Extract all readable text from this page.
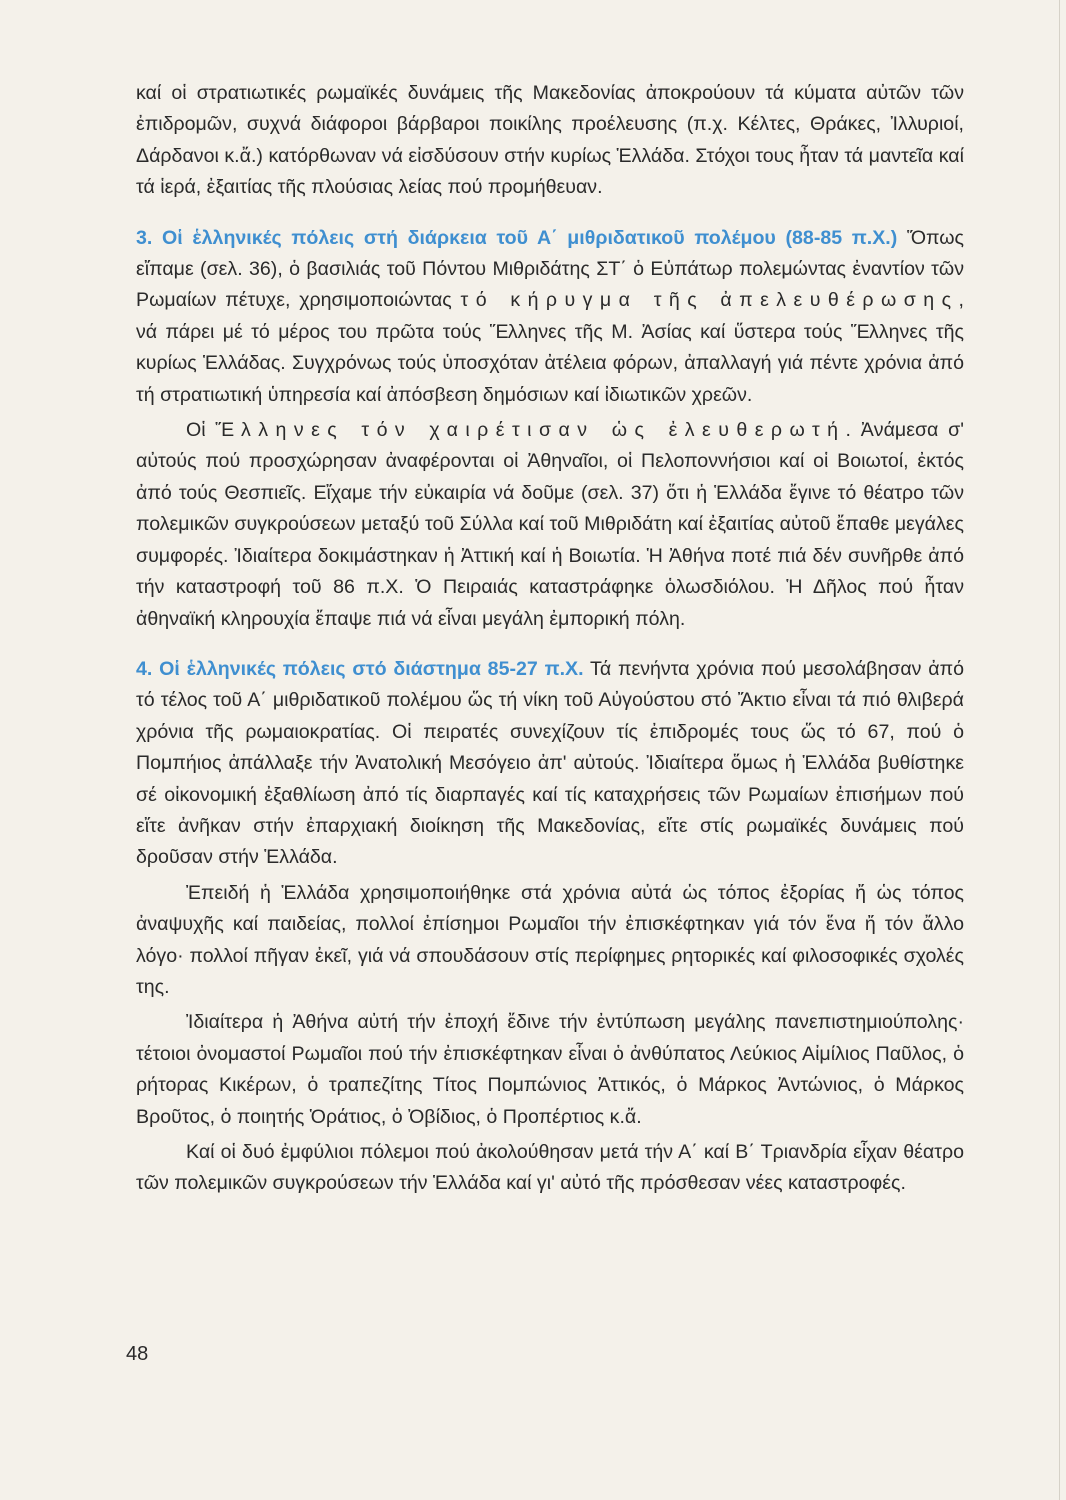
καί οἱ στρατιωτικές ρωμαϊκές δυνάμεις τῆς Μακεδονίας ἀποκρούουν τά κύματα αὐτῶν τῶν ἐπιδρομῶν, συχνά διάφοροι βάρβαροι ποικίλης προέλευσης (π.χ. Κέλτες, Θράκες, Ἰλλυριοί, Δάρδανοι κ.ἄ.) κατόρθωναν νά εἰσδύσουν στήν κυρίως Ἑλλάδα. Στόχοι τους ἦταν τά μαντεῖα καί τά ἱερά, ἐξαιτίας τῆς πλούσιας λείας πού προμήθευαν.

3. Οἱ ἑλληνικές πόλεις στή διάρκεια τοῦ Α΄ μιθριδατικοῦ πολέμου (88-85 π.Χ.) Ὅπως εἴπαμε (σελ. 36), ὁ βασιλιάς τοῦ Πόντου Μιθριδάτης ΣΤ΄ ὁ Εὐπάτωρ πολεμώντας ἐναντίον τῶν Ρωμαίων πέτυχε, χρησιμοποιώντας τό κήρυγμα τῆς ἀπελευθέρωσης, νά πάρει μέ τό μέρος του πρῶτα τούς Ἕλληνες τῆς Μ. Ἀσίας καί ὕστερα τούς Ἕλληνες τῆς κυρίως Ἑλλάδας. Συγχρόνως τούς ὑποσχόταν ἀτέλεια φόρων, ἀπαλλαγή γιά πέντε χρόνια ἀπό τή στρατιωτική ὑπηρεσία καί ἀπόσβεση δημόσιων καί ἰδιωτικῶν χρεῶν.

Οἱ Ἕλληνες τόν χαιρέτισαν ὡς ἐλευθερωτή. Ἀνάμεσα σ' αὐτούς πού προσχώρησαν ἀναφέρονται οἱ Ἀθηναῖοι, οἱ Πελοποννήσιοι καί οἱ Βοιωτοί, ἐκτός ἀπό τούς Θεσπιεῖς. Εἴχαμε τήν εὐκαιρία νά δοῦμε (σελ. 37) ὅτι ἡ Ἑλλάδα ἔγινε τό θέατρο τῶν πολεμικῶν συγκρούσεων μεταξύ τοῦ Σύλλα καί τοῦ Μιθριδάτη καί ἐξαιτίας αὐτοῦ ἔπαθε μεγάλες συμφορές. Ἰδιαίτερα δοκιμάστηκαν ἡ Ἀττική καί ἡ Βοιωτία. Ἡ Ἀθήνα ποτέ πιά δέν συνῆρθε ἀπό τήν καταστροφή τοῦ 86 π.Χ. Ὁ Πειραιάς καταστράφηκε ὁλωσδιόλου. Ἡ Δῆλος πού ἦταν ἀθηναϊκή κληρουχία ἔπαψε πιά νά εἶναι μεγάλη ἐμπορική πόλη.

4. Οἱ ἑλληνικές πόλεις στό διάστημα 85-27 π.Χ. Τά πενήντα χρόνια πού μεσολάβησαν ἀπό τό τέλος τοῦ Α΄ μιθριδατικοῦ πολέμου ὥς τή νίκη τοῦ Αὐγούστου στό Ἄκτιο εἶναι τά πιό θλιβερά χρόνια τῆς ρωμαιοκρατίας. Οἱ πειρατές συνεχίζουν τίς ἐπιδρομές τους ὥς τό 67, πού ὁ Πομπήιος ἀπάλλαξε τήν Ἀνατολική Μεσόγειο ἀπ' αὐτούς. Ἰδιαίτερα ὅμως ἡ Ἑλλάδα βυθίστηκε σέ οἰκονομική ἐξαθλίωση ἀπό τίς διαρπαγές καί τίς καταχρήσεις τῶν Ρωμαίων ἐπισήμων πού εἴτε ἀνῆκαν στήν ἐπαρχιακή διοίκηση τῆς Μακεδονίας, εἴτε στίς ρωμαϊκές δυνάμεις πού δροῦσαν στήν Ἑλλάδα.

Ἐπειδή ἡ Ἑλλάδα χρησιμοποιήθηκε στά χρόνια αὐτά ὡς τόπος ἐξορίας ἤ ὡς τόπος ἀναψυχῆς καί παιδείας, πολλοί ἐπίσημοι Ρωμαῖοι τήν ἐπισκέφτηκαν γιά τόν ἕνα ἤ τόν ἄλλο λόγο· πολλοί πῆγαν ἐκεῖ, γιά νά σπουδάσουν στίς περίφημες ρητορικές καί φιλοσοφικές σχολές της.

Ἰδιαίτερα ἡ Ἀθήνα αὐτή τήν ἐποχή ἔδινε τήν ἐντύπωση μεγάλης πανεπιστημιούπολης· τέτοιοι ὀνομαστοί Ρωμαῖοι πού τήν ἐπισκέφτηκαν εἶναι ὁ ἀνθύπατος Λεύκιος Αἰμίλιος Παῦλος, ὁ ρήτορας Κικέρων, ὁ τραπεζίτης Τίτος Πομπώνιος Ἀττικός, ὁ Μάρκος Ἀντώνιος, ὁ Μάρκος Βροῦτος, ὁ ποιητής Ὁράτιος, ὁ Ὀβίδιος, ὁ Προπέρτιος κ.ἄ.

Καί οἱ δυό ἐμφύλιοι πόλεμοι πού ἀκολούθησαν μετά τήν Α΄ καί Β΄ Τριανδρία εἶχαν θέατρο τῶν πολεμικῶν συγκρούσεων τήν Ἑλλάδα καί γι' αὐτό τῆς πρόσθεσαν νέες καταστροφές.

48
